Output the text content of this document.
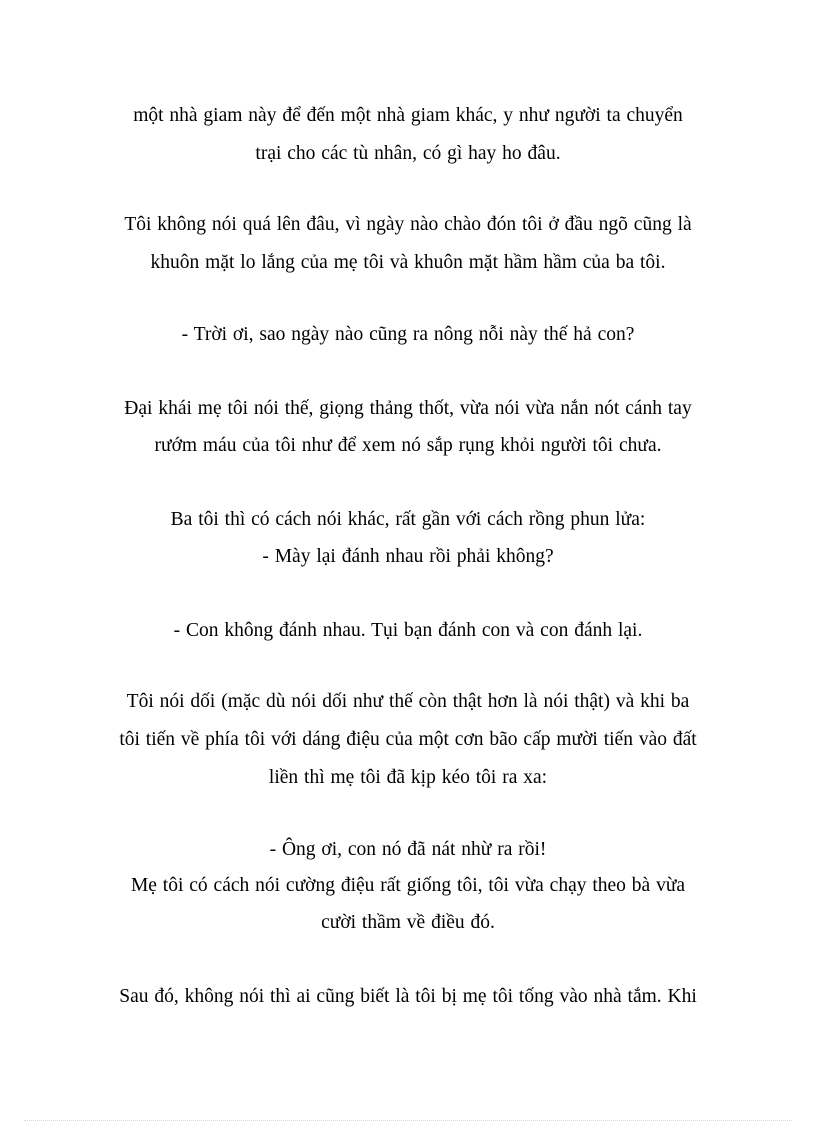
một nhà giam này để đến một nhà giam khác, y như người ta chuyển
trại cho các tù nhân, có gì hay ho đâu.
Tôi không nói quá lên đâu, vì ngày nào chào đón tôi ở đầu ngõ cũng là
khuôn mặt lo lắng của mẹ tôi và khuôn mặt hầm hầm của ba tôi.
- Trời ơi, sao ngày nào cũng ra nông nỗi này thế hả con?
Đại khái mẹ tôi nói thế, giọng thảng thốt, vừa nói vừa nắn nót cánh tay
rướm máu của tôi như để xem nó sắp rụng khỏi người tôi chưa.
Ba tôi thì có cách nói khác, rất gần với cách rồng phun lửa:
- Mày lại đánh nhau rồi phải không?
- Con không đánh nhau. Tụi bạn đánh con và con đánh lại.
Tôi nói dối (mặc dù nói dối như thế còn thật hơn là nói thật) và khi ba
tôi tiến về phía tôi với dáng điệu của một cơn bão cấp mười tiến vào đất
liền thì mẹ tôi đã kịp kéo tôi ra xa:
- Ông ơi, con nó đã nát nhừ ra rồi!
Mẹ tôi có cách nói cường điệu rất giống tôi, tôi vừa chạy theo bà vừa
cười thầm về điều đó.
Sau đó, không nói thì ai cũng biết là tôi bị mẹ tôi tống vào nhà tắm. Khi
